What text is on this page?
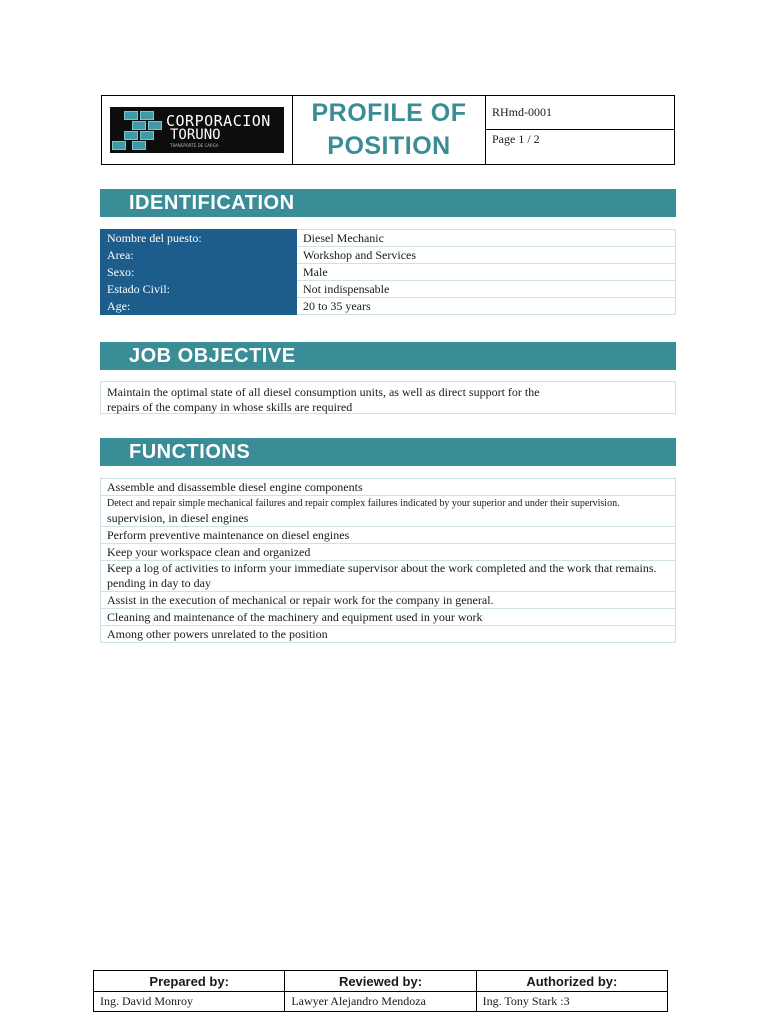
CORPORACION
TORUNO
TRANSPORTE DE CARGA
PROFILE OF
POSITION
RHmd-0001
Page 1 / 2
IDENTIFICATION
Nombre del puesto:	Diesel Mechanic
Area:	Workshop and Services
Sexo:	Male
Estado Civil:	Not indispensable
Age:	20 to 35 years
JOB OBJECTIVE
Maintain the optimal state of all diesel consumption units, as well as direct support for the
repairs of the company in whose skills are required
FUNCTIONS
Assemble and disassemble diesel engine components

Detect and repair simple mechanical failures and repair complex failures indicated by your superior and under their supervision.
supervision, in diesel engines

Perform preventive maintenance on diesel engines
Keep your workspace clean and organized

Keep a log of activities to inform your immediate supervisor about the work completed and the work that remains.
pending in day to day

Assist in the execution of mechanical or repair work for the company in general.
Cleaning and maintenance of the machinery and equipment used in your work
Among other powers unrelated to the position
Prepared by:	Reviewed by:	Authorized by:
Ing. David Monroy	Lawyer Alejandro Mendoza	Ing. Tony Stark :3
